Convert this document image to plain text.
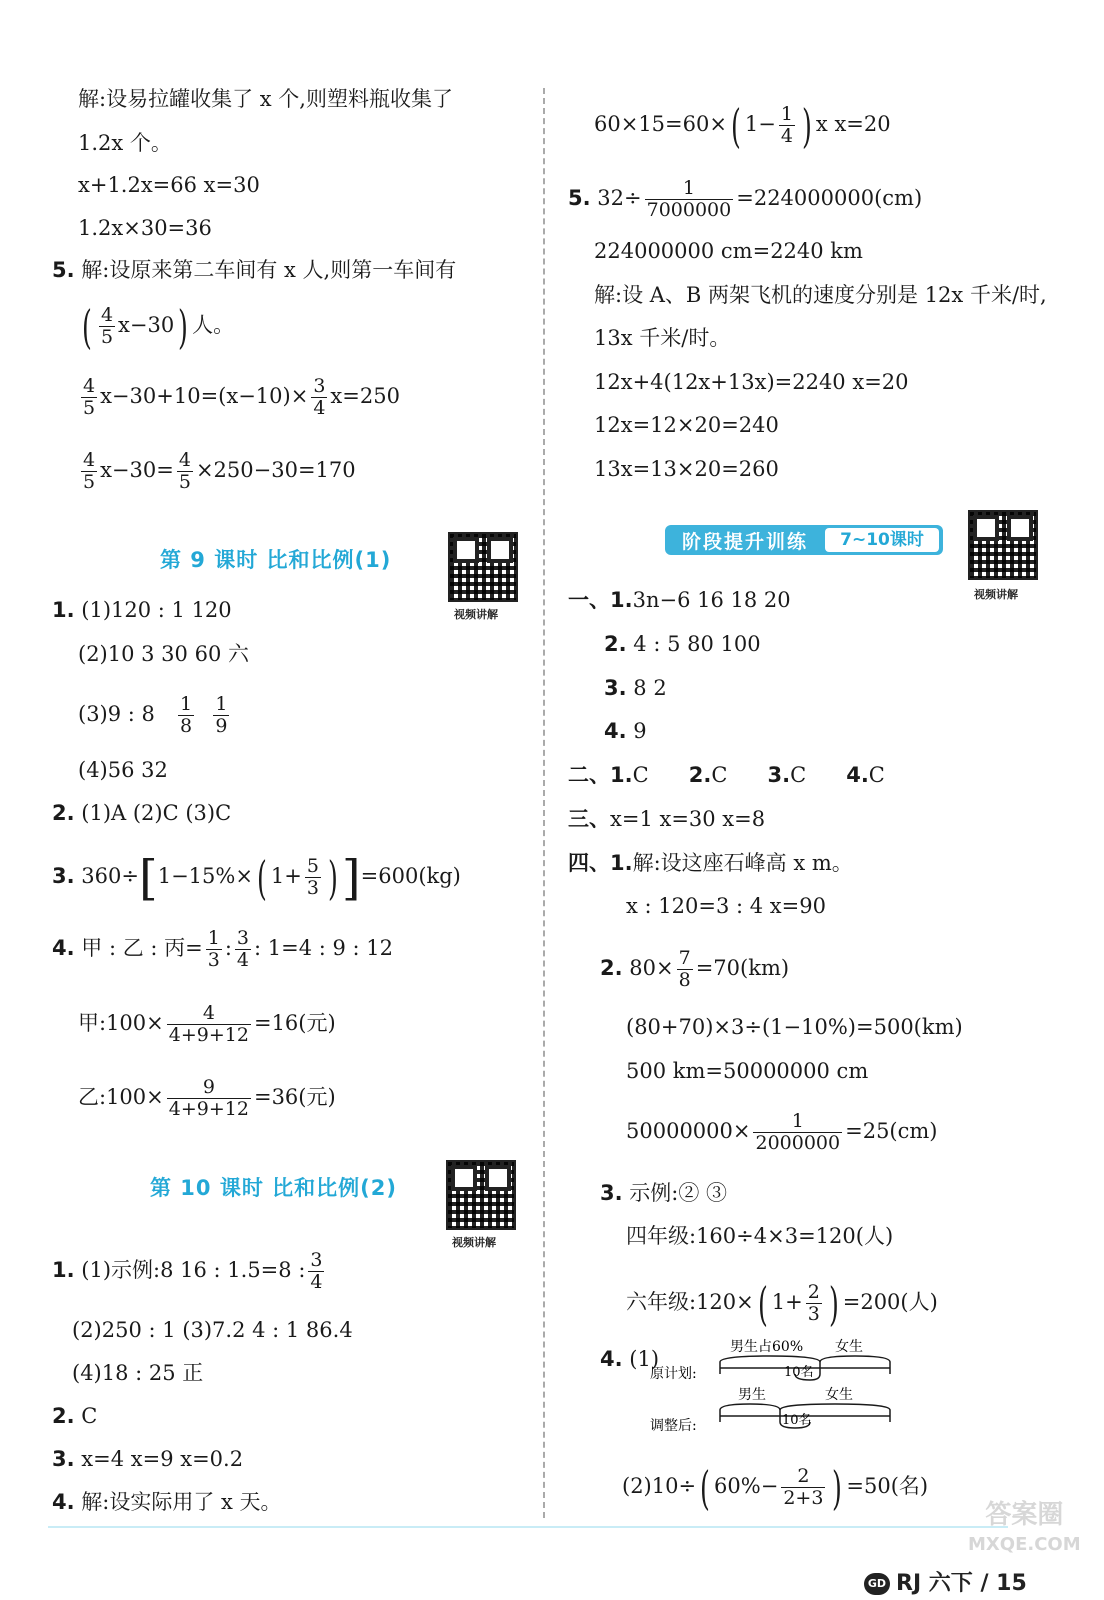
解:设易拉罐收集了 x 个,则塑料瓶收集了
1.2x 个。
x+1.2x=66 x=30
1.2x×30=36
5. 解:设原来第二车间有 x 人,则第一车间有
( $\frac{4}{5} x-30$) 人。
$\frac{4}{5} x-30+10=(x-10)\times \frac{3}{4} x=250$
$\frac{4}{5} x-30= \frac{4}{5} \times 250-30=170$
第 9 课时 比和比例(1)
视频讲解
1. (1)120 : 1 120
(2)10 3 30 60 六
(3)9 : $8 \frac{1}{8}$
$\frac{1}{9}$
(4)56 32
2. (1)A (2)C (3)C
3. 360÷[1−15%×( $1+ \frac{5}{3} )]=600(kg)$
4. 甲 : 乙 : 丙= $\frac{1}{3}$ : $\frac{3}{4}$ : 1=4 : 9 : 12
甲:100× $\frac{4}{4+9+12} =16$(元)
乙:100× $\frac{9}{4+9+12} =36$(元)
第 10 课时 比和比例(2)
视频讲解
1. (1)示例:8 16 : 1.5=8 : $\frac{3}{4}$
(2)250 : 1 (3)7.2 4 : 1 86.4
(4)18 : 25 正
2. C
3. x=4 x=9 x=0.2
4. 解:设实际用了 x 天。
60×15=60×( $1- \frac{1}{4}$ ) x x=20
5. $32\div \frac{1}{7000000} =224000000(cm)$
224000000 cm=2240 km
解:设 A、B 两架飞机的速度分别是 12x 千米/时,
13x 千米/时。
12x+4(12x+13x)=2240 x=20
12x=12×20=240
13x=13×20=260
阶段提升训练	7~10课时
视频讲解
一、1.3n−6 16 18 20
2. 4 : 5 80 100
3. 8 2
4. 9
二、1.C 2.C 3.C 4.C
三、x=1 x=30 x=8
四、1.解:设这座石峰高 x m。
x : 120=3 : 4 x=90
2. $80\times \frac{7}{8} =70(km)$
(80+70)×3÷(1−10%)=500(km)
500 km=50000000 cm
$50000000\times \frac{1}{2000000} =25(cm)$
3. 示例:② ③
四年级:160÷4×3=120(人)
六年级:120×( $1+ \frac{2}{3}$ ) =200(人)
4. (1)
原计划:
男生占60% 女生
10名
调整后:
男生	女生
10名
(2)10÷( $60\%- \frac{2}{2+3}$ ) =50(名)
GD RJ 六下 / 15
答案圈
MXQE.COM
